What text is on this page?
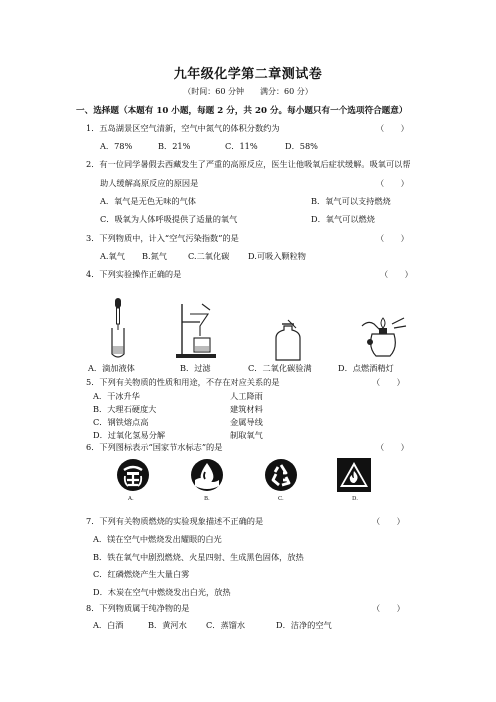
九年级化学第二章测试卷
（时间：60 分钟　　满分：60 分）
一、选择题（本题有 10 小题，每题 2 分，共 20 分。每小题只有一个选项符合题意）
1．五岛湖景区空气清新，空气中氮气的体积分数约为	（　　）
A．78%	B．21%	C．11%	D．58%
2．有一位同学暑假去西藏发生了严重的高原反应，医生让他吸氧后症状缓解。吸氧可以帮
助人缓解高原反应的原因是	（　　）
A．氧气是无色无味的气体	B．氧气可以支持燃烧
C．吸氧为人体呼吸提供了适量的氧气	D．氧气可以燃烧
3．下列物质中，计入“空气污染指数”的是	（　　）
A.氧气 B.氮气	C.二氧化碳 D.可吸入颗粒物
4．下列实验操作正确的是	（　　）
A．滴加液体	B．过滤	C．二氧化碳验满	D．点燃酒精灯
5．下列有关物质的性质和用途，不存在对应关系的是	（　　）
A．干冰升华	人工降雨
B．大理石硬度大	建筑材料
C．钢铁熔点高	金属导线
D．过氧化氢易分解	制取氧气
6．下列图标表示“国家节水标志”的是	（　　）
A.	B.	C.	D.
7．下列有关物质燃烧的实验现象描述不正确的是	（　　）
A．镁在空气中燃烧发出耀眼的白光
B．铁在氧气中剧烈燃烧、火星四射、生成黑色固体，放热
C．红磷燃烧产生大量白雾
D．木炭在空气中燃烧发出白光，放热
8．下列物质属于纯净物的是	（　　）
A．白酒	B．黄河水 C．蒸馏水	D．洁净的空气
